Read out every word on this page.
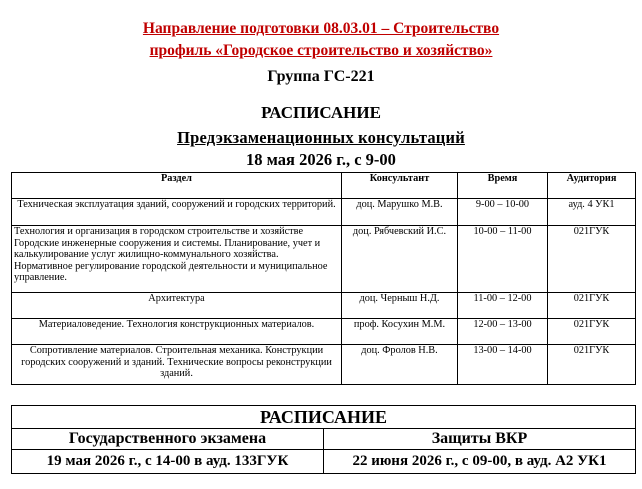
Направление подготовки 08.03.01 – Строительство
профиль «Городское строительство и хозяйство»
Группа ГС-221
РАСПИСАНИЕ
Предэкзаменационных консультаций
18 мая 2026 г., с 9-00
Раздел	Консультант	Время	Аудитория
Техническая эксплуатация зданий, сооружений и городских территорий.	доц. Марушко М.В.	9-00 – 10-00	ауд. 4 УК1
Технология и организация в городском строительстве и хозяйстве Городские инженерные сооружения и системы. Планирование, учет и калькулирование услуг жилищно-коммунального хозяйства. Нормативное регулирование городской деятельности и муниципальное управление.	доц. Рябчевский И.С.	10-00 – 11-00	021ГУК
Архитектура	доц. Черныш Н.Д.	11-00 – 12-00	021ГУК
Материаловедение. Технология конструкционных материалов.	проф. Косухин М.М.	12-00 – 13-00	021ГУК
Сопротивление материалов. Строительная механика. Конструкции городских сооружений и зданий. Технические вопросы реконструкции зданий.	доц. Фролов Н.В.	13-00 – 14-00	021ГУК
РАСПИСАНИЕ	
Государственного экзамена	Защиты ВКР
19 мая 2026 г., с 14-00 в ауд. 133ГУК	22 июня 2026 г., с 09-00, в ауд. А2 УК1
